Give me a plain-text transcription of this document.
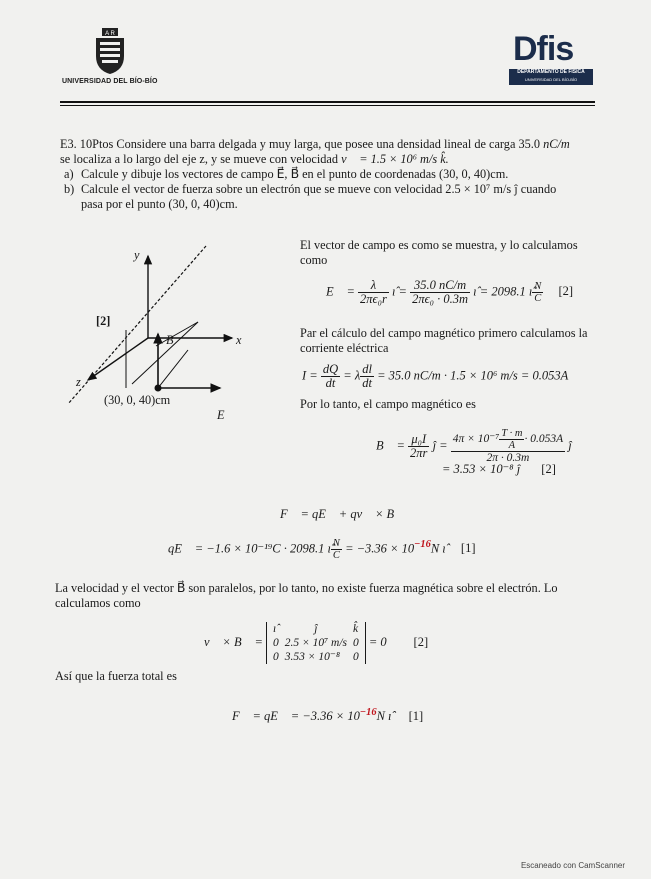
A R
UNIVERSIDAD DEL BÍO-BÍO
Dfis
DEPARTAMENTO DE FÍSICA
UNIVERSIDAD DEL BÍO-BÍO
E3. 10Ptos Considere una barra delgada y muy larga, que posee una densidad lineal de carga 35.0 nC/m
se localiza a lo largo del eje z, y se mueve con velocidad v⃗ = 1.5 × 10⁶ m/s k̂.
a) Calcule y dibuje los vectores de campo E⃗, B⃗ en el punto de coordenadas (30, 0, 40)cm.
b) Calcule el vector de fuerza sobre un electrón que se mueve con velocidad 2.5 × 10⁷ m/s ĵ cuando
pasa por el punto (30, 0, 40)cm.
y
x
z
[2]
B⃗
E⃗
(30, 0, 40)cm
El vector de campo es como se muestra, y lo calculamos
como
E⃗ = $\frac{\lambda}{\text{2πϵ₀r}}$ ı̂ = $\frac{35.0 nC/m}{\text{2πϵ₀ · 0.3m}}$ ı̂ = 2098.1 ı̂ $\frac{N}{C} [2]$
Par el cálculo del campo magnético primero calculamos la
corriente eléctrica
$I = \frac{dQ}{dt} = \lambda \frac{dl}{dt} = 35.0$ nC/m · 1.5 × 10⁶ m/s = 0.053A
Por lo tanto, el campo magnético es
B⃗ = $\frac{\text{μ₀I}}{2\pi r}$ ĵ = $\frac{4\pi \times 10^{-7} \frac{T \cdot m}{A} \cdot 0.053A}{2\pi \cdot 0.3m}$ ĵ
= 3.53 × 10⁻⁸ ĵ [2]
F⃗ = qE⃗ + qv⃗ × B⃗
qE⃗ = −1.6 × 10⁻¹⁹C · 2098.1 ı̂ $\frac{N}{C} = -3.36 \times 10^{-16}N$ ı̂ [1]
La velocidad y el vector B⃗ son paralelos, por lo tanto, no existe fuerza magnética sobre el electrón. Lo
calculamos como
v⃗ × B⃗ =
ı̂	ĵ	k̂
0	2.5 × 10⁷ m/s	0
0	3.53 × 10⁻⁸	0
= 0⃗ [2]
Así que la fuerza total es
F⃗ = qE⃗ = $-3.36 \times 10^{-16}N$ ı̂ [1]
Escaneado con CamScanner
